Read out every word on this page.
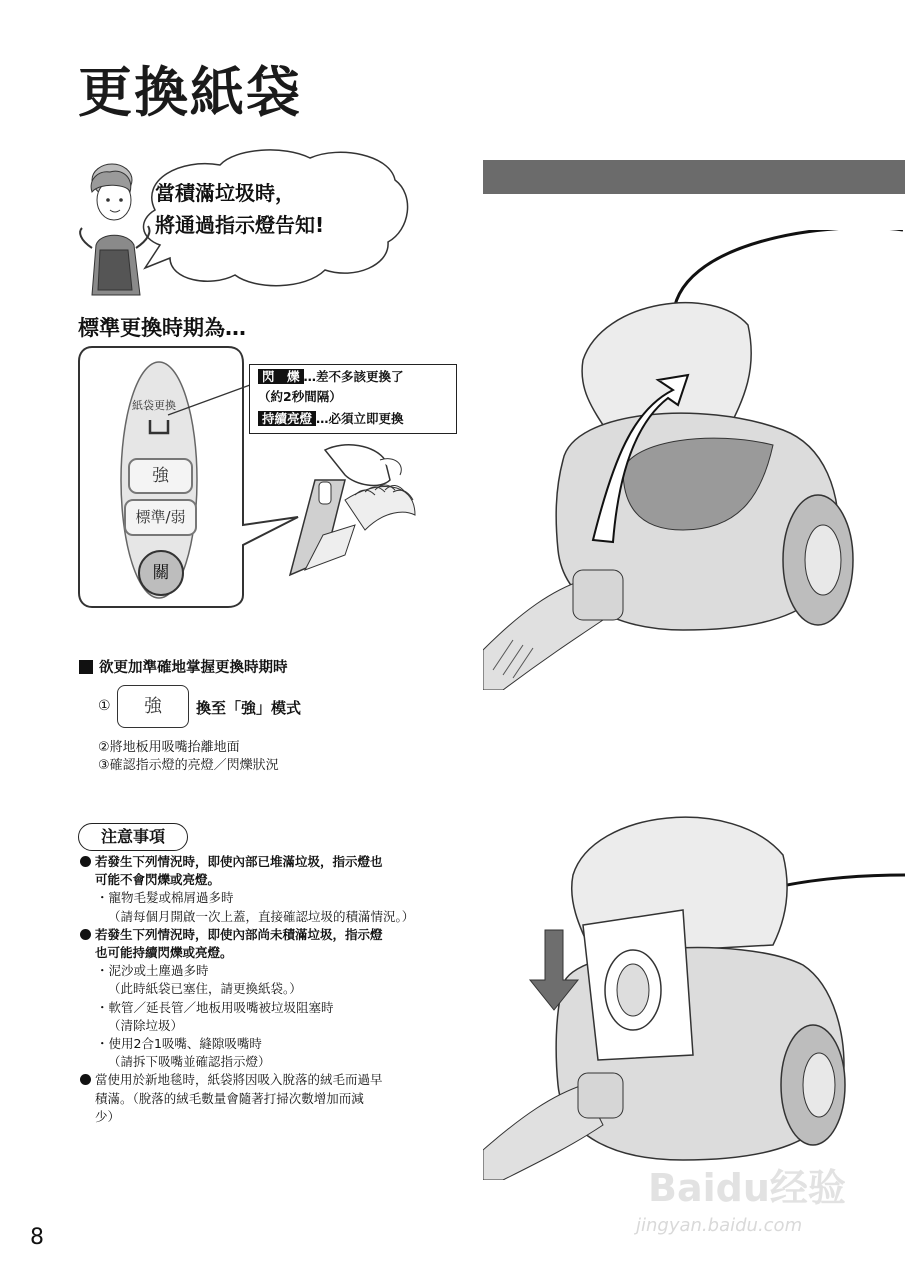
更換紙袋
當積滿垃圾時，
將通過指示燈告知!
標準更換時期為…
紙袋更換
強
標準/弱
關
閃　爍 …差不多該更換了
（約2秒間隔）
持續亮燈 …必須立即更換
欲更加準確地掌握更換時期時
①	強	換至「強」模式
②將地板用吸嘴抬離地面
③確認指示燈的亮燈／閃爍狀況
注意事項
若發生下列情況時，即使內部已堆滿垃圾，指示燈也
可能不會閃爍或亮燈。
・寵物毛髮或棉屑過多時
（請每個月開啟一次上蓋，直接確認垃圾的積滿情況。）
若發生下列情況時，即使內部尚未積滿垃圾，指示燈
也可能持續閃爍或亮燈。
・泥沙或土塵過多時
（此時紙袋已塞住，請更換紙袋。）
・軟管／延長管／地板用吸嘴被垃圾阻塞時
（清除垃圾）
・使用2合1吸嘴、縫隙吸嘴時
（請拆下吸嘴並確認指示燈）
當使用於新地毯時，紙袋將因吸入脫落的絨毛而過早
積滿。（脫落的絨毛數量會隨著打掃次數增加而減
少）
8
Baidu经验
jingyan.baidu.com
